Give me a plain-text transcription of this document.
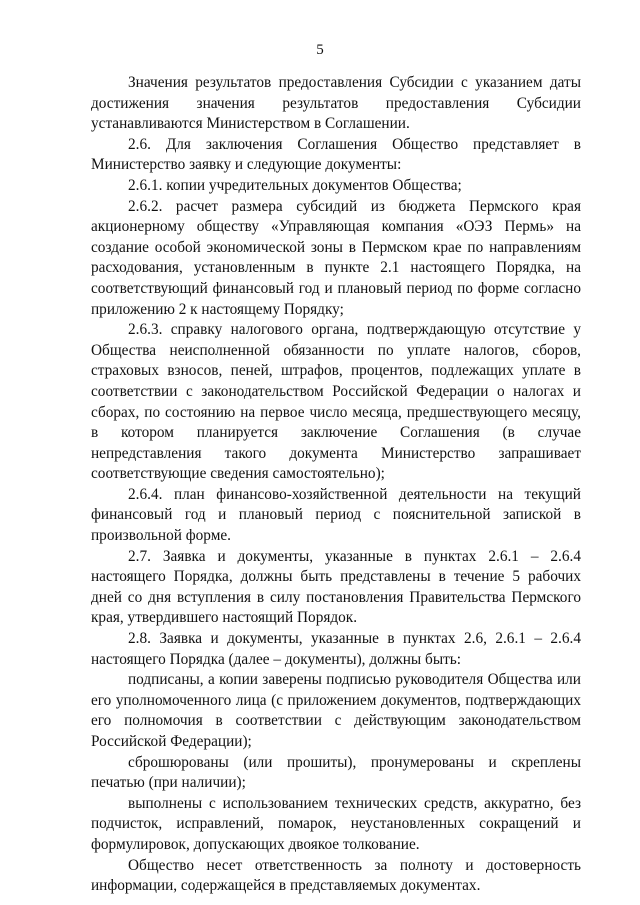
5

Значения результатов предоставления Субсидии с указанием даты достижения значения результатов предоставления Субсидии устанавливаются Министерством в Соглашении.

2.6. Для заключения Соглашения Общество представляет в Министерство заявку и следующие документы:

2.6.1. копии учредительных документов Общества;

2.6.2. расчет размера субсидий из бюджета Пермского края акционерному обществу «Управляющая компания «ОЭЗ Пермь» на создание особой экономической зоны в Пермском крае по направлениям расходования, установленным в пункте 2.1 настоящего Порядка, на соответствующий финансовый год и плановый период по форме согласно приложению 2 к настоящему Порядку;

2.6.3. справку налогового органа, подтверждающую отсутствие у Общества неисполненной обязанности по уплате налогов, сборов, страховых взносов, пеней, штрафов, процентов, подлежащих уплате в соответствии с законодательством Российской Федерации о налогах и сборах, по состоянию на первое число месяца, предшествующего месяцу, в котором планируется заключение Соглашения (в случае непредставления такого документа Министерство запрашивает соответствующие сведения самостоятельно);

2.6.4. план финансово-хозяйственной деятельности на текущий финансовый год и плановый период с пояснительной запиской в произвольной форме.

2.7. Заявка и документы, указанные в пунктах 2.6.1 – 2.6.4 настоящего Порядка, должны быть представлены в течение 5 рабочих дней со дня вступления в силу постановления Правительства Пермского края, утвердившего настоящий Порядок.

2.8. Заявка и документы, указанные в пунктах 2.6, 2.6.1 – 2.6.4 настоящего Порядка (далее – документы), должны быть:

подписаны, а копии заверены подписью руководителя Общества или его уполномоченного лица (с приложением документов, подтверждающих его полномочия в соответствии с действующим законодательством Российской Федерации);

сброшюрованы (или прошиты), пронумерованы и скреплены печатью (при наличии);

выполнены с использованием технических средств, аккуратно, без подчисток, исправлений, помарок, неустановленных сокращений и формулировок, допускающих двоякое толкование.

Общество несет ответственность за полноту и достоверность информации, содержащейся в представляемых документах.
